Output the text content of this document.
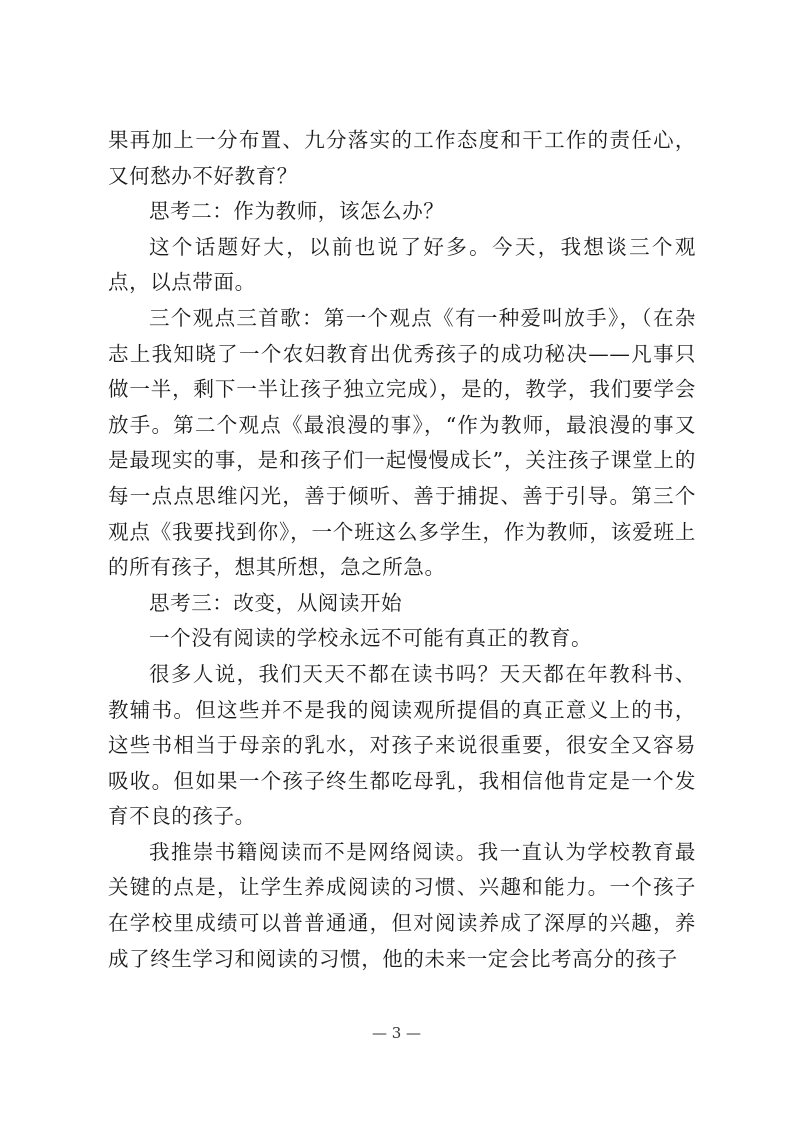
果再加上一分布置、九分落实的工作态度和干工作的责任心，又何愁办不好教育？

思考二：作为教师，该怎么办？

这个话题好大，以前也说了好多。今天，我想谈三个观点，以点带面。

三个观点三首歌：第一个观点《有一种爱叫放手》，（在杂志上我知晓了一个农妇教育出优秀孩子的成功秘决——凡事只做一半，剩下一半让孩子独立完成），是的，教学，我们要学会放手。第二个观点《最浪漫的事》，“作为教师，最浪漫的事又是最现实的事，是和孩子们一起慢慢成长”，关注孩子课堂上的每一点点思维闪光，善于倾听、善于捕捉、善于引导。第三个观点《我要找到你》，一个班这么多学生，作为教师，该爱班上的所有孩子，想其所想，急之所急。

思考三：改变，从阅读开始

一个没有阅读的学校永远不可能有真正的教育。

很多人说，我们天天不都在读书吗？天天都在年教科书、教辅书。但这些并不是我的阅读观所提倡的真正意义上的书，这些书相当于母亲的乳水，对孩子来说很重要，很安全又容易吸收。但如果一个孩子终生都吃母乳，我相信他肯定是一个发育不良的孩子。

我推崇书籍阅读而不是网络阅读。我一直认为学校教育最关键的点是，让学生养成阅读的习惯、兴趣和能力。一个孩子在学校里成绩可以普普通通，但对阅读养成了深厚的兴趣，养成了终生学习和阅读的习惯，他的未来一定会比考高分的孩子

— 3 —
